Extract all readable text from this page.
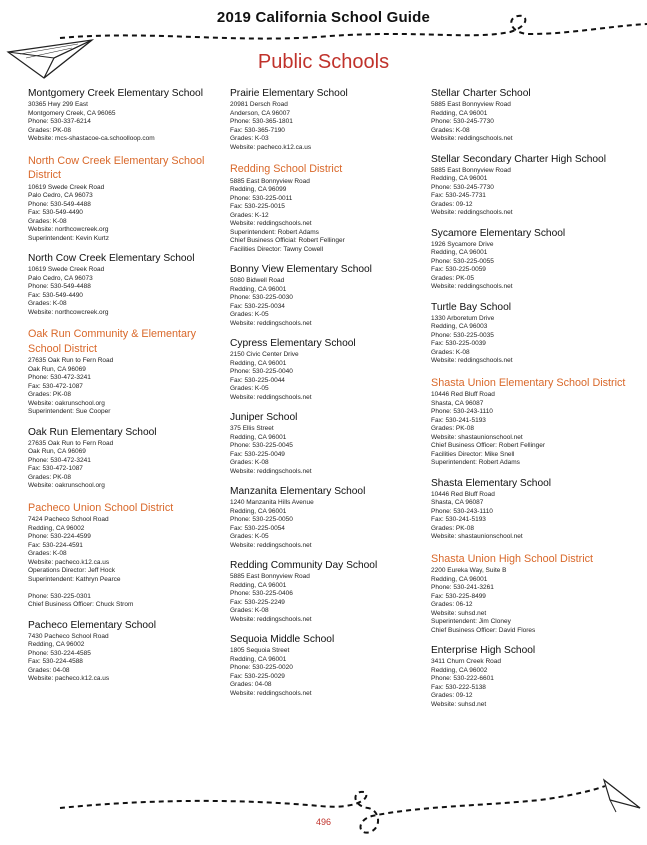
2019 California School Guide
Public Schools
Montgomery Creek Elementary School
30365 Hwy 299 East
Montgomery Creek, CA 96065
Phone: 530-337-6214
Grades: PK-08
Website: mcs-shastacoe-ca.schoolloop.com
North Cow Creek Elementary School District
10619 Swede Creek Road
Palo Cedro, CA 96073
Phone: 530-549-4488
Fax: 530-549-4490
Grades: K-08
Website: northcowcreek.org
Superintendent: Kevin Kurtz
North Cow Creek Elementary School
10619 Swede Creek Road
Palo Cedro, CA 96073
Phone: 530-549-4488
Fax: 530-549-4490
Grades: K-08
Website: northcowcreek.org
Oak Run Community & Elementary School District
27635 Oak Run to Fern Road
Oak Run, CA 96069
Phone: 530-472-3241
Fax: 530-472-1087
Grades: PK-08
Website: oakrunschool.org
Superintendent: Sue Cooper
Oak Run Elementary School
27635 Oak Run to Fern Road
Oak Run, CA 96069
Phone: 530-472-3241
Fax: 530-472-1087
Grades: PK-08
Website: oakrunschool.org
Pacheco Union School District
7424 Pacheco School Road
Redding, CA 96002
Phone: 530-224-4599
Fax: 530-224-4591
Grades: K-08
Website: pacheco.k12.ca.us
Operations Director: Jeff Hock
Superintendent: Kathryn Pearce
Phone: 530-225-0301
Chief Business Officer: Chuck Strom
Pacheco Elementary School
7430 Pacheco School Road
Redding, CA 96002
Phone: 530-224-4585
Fax: 530-224-4588
Grades: 04-08
Website: pacheco.k12.ca.us
Prairie Elementary School
20981 Dersch Road
Anderson, CA 96007
Phone: 530-365-1801
Fax: 530-365-7190
Grades: K-03
Website: pacheco.k12.ca.us
Redding School District
5885 East Bonnyview Road
Redding, CA 96099
Phone: 530-225-0011
Fax: 530-225-0015
Grades: K-12
Website: reddingschools.net
Superintendent: Robert Adams
Chief Business Official: Robert Fellinger
Facilities Director: Tawny Cowell
Bonny View Elementary School
5080 Bidwell Road
Redding, CA 96001
Phone: 530-225-0030
Fax: 530-225-0034
Grades: K-05
Website: reddingschools.net
Cypress Elementary School
2150 Civic Center Drive
Redding, CA 96001
Phone: 530-225-0040
Fax: 530-225-0044
Grades: K-05
Website: reddingschools.net
Juniper School
375 Ellis Street
Redding, CA 96001
Phone: 530-225-0045
Fax: 530-225-0049
Grades: K-08
Website: reddingschools.net
Manzanita Elementary School
1240 Manzanita Hills Avenue
Redding, CA 96001
Phone: 530-225-0050
Fax: 530-225-0054
Grades: K-05
Website: reddingschools.net
Redding Community Day School
5885 East Bonnyview Road
Redding, CA 96001
Phone: 530-225-0406
Fax: 530-225-2249
Grades: K-08
Website: reddingschools.net
Sequoia Middle School
1805 Sequoia Street
Redding, CA 96001
Phone: 530-225-0020
Fax: 530-225-0029
Grades: 04-08
Website: reddingschools.net
Stellar Charter School
5885 East Bonnyview Road
Redding, CA 96001
Phone: 530-245-7730
Grades: K-08
Website: reddingschools.net
Stellar Secondary Charter High School
5885 East Bonnyview Road
Redding, CA 96001
Phone: 530-245-7730
Fax: 530-245-7731
Grades: 09-12
Website: reddingschools.net
Sycamore Elementary School
1926 Sycamore Drive
Redding, CA 96001
Phone: 530-225-0055
Fax: 530-225-0059
Grades: PK-05
Website: reddingschools.net
Turtle Bay School
1330 Arboretum Drive
Redding, CA 96003
Phone: 530-225-0035
Fax: 530-225-0039
Grades: K-08
Website: reddingschools.net
Shasta Union Elementary School District
10446 Red Bluff Road
Shasta, CA 96087
Phone: 530-243-1110
Fax: 530-241-5193
Grades: PK-08
Website: shastaunionschool.net
Chief Business Officer: Robert Fellinger
Facilities Director: Mike Snell
Superintendent: Robert Adams
Shasta Elementary School
10446 Red Bluff Road
Shasta, CA 96087
Phone: 530-243-1110
Fax: 530-241-5193
Grades: PK-08
Website: shastaunionschool.net
Shasta Union High School District
2200 Eureka Way, Suite B
Redding, CA 96001
Phone: 530-241-3261
Fax: 530-225-8499
Grades: 06-12
Website: suhsd.net
Superintendent: Jim Cloney
Chief Business Officer: David Flores
Enterprise High School
3411 Churn Creek Road
Redding, CA 96002
Phone: 530-222-6601
Fax: 530-222-5138
Grades: 09-12
Website: suhsd.net
496
